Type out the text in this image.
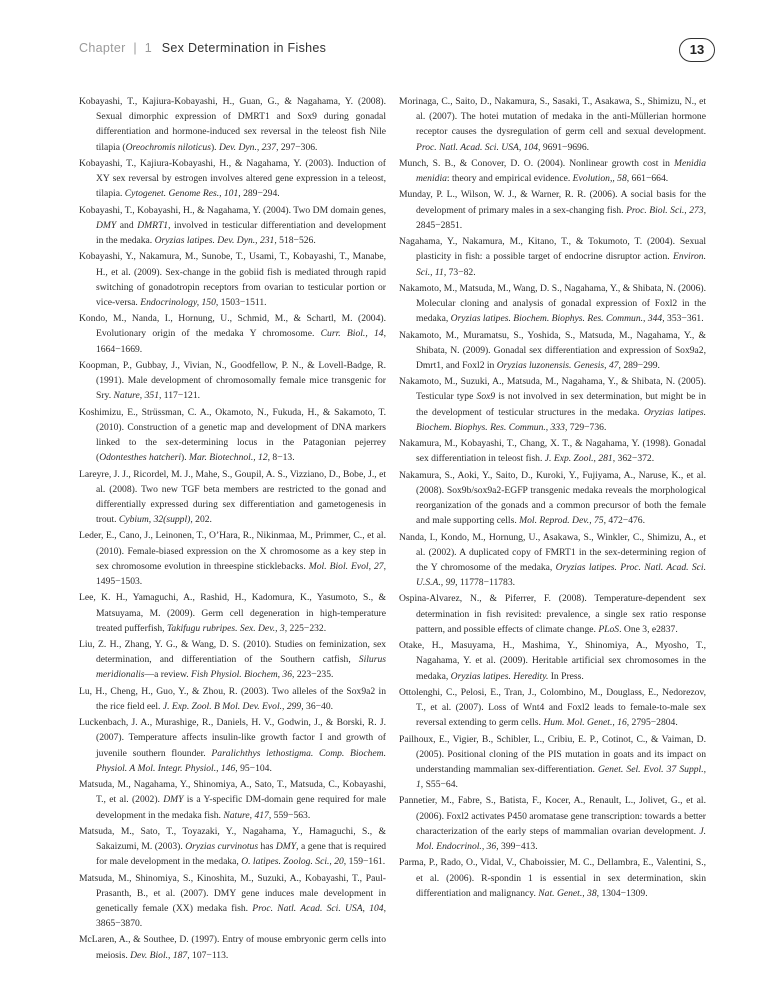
Chapter | 1 Sex Determination in Fishes	13

Kobayashi, T., Kajiura-Kobayashi, H., Guan, G., & Nagahama, Y. (2008). Sexual dimorphic expression of DMRT1 and Sox9 during gonadal differentiation and hormone-induced sex reversal in the teleost fish Nile tilapia (Oreochromis niloticus). Dev. Dyn., 237, 297−306.

Kobayashi, T., Kajiura-Kobayashi, H., & Nagahama, Y. (2003). Induction of XY sex reversal by estrogen involves altered gene expression in a teleost, tilapia. Cytogenet. Genome Res., 101, 289−294.

Kobayashi, T., Kobayashi, H., & Nagahama, Y. (2004). Two DM domain genes, DMY and DMRT1, involved in testicular differentiation and development in the medaka. Oryzias latipes. Dev. Dyn., 231, 518−526.

Kobayashi, Y., Nakamura, M., Sunobe, T., Usami, T., Kobayashi, T., Manabe, H., et al. (2009). Sex-change in the gobiid fish is mediated through rapid switching of gonadotropin receptors from ovarian to testicular portion or vice-versa. Endocrinology, 150, 1503−1511.

Kondo, M., Nanda, I., Hornung, U., Schmid, M., & Schartl, M. (2004). Evolutionary origin of the medaka Y chromosome. Curr. Biol., 14, 1664−1669.

Koopman, P., Gubbay, J., Vivian, N., Goodfellow, P. N., & Lovell-Badge, R. (1991). Male development of chromosomally female mice transgenic for Sry. Nature, 351, 117−121.

Koshimizu, E., Strüssman, C. A., Okamoto, N., Fukuda, H., & Sakamoto, T. (2010). Construction of a genetic map and development of DNA markers linked to the sex-determining locus in the Patagonian pejerrey (Odontesthes hatcheri). Mar. Biotechnol., 12, 8−13.

Lareyre, J. J., Ricordel, M. J., Mahe, S., Goupil, A. S., Vizziano, D., Bobe, J., et al. (2008). Two new TGF beta members are restricted to the gonad and differentially expressed during sex differentiation and gametogenesis in trout. Cybium, 32(suppl), 202.

Leder, E., Cano, J., Leinonen, T., O’Hara, R., Nikinmaa, M., Primmer, C., et al. (2010). Female-biased expression on the X chromosome as a key step in sex chromosome evolution in threespine sticklebacks. Mol. Biol. Evol, 27, 1495−1503.

Lee, K. H., Yamaguchi, A., Rashid, H., Kadomura, K., Yasumoto, S., & Matsuyama, M. (2009). Germ cell degeneration in high-temperature treated pufferfish, Takifugu rubripes. Sex. Dev., 3, 225−232.

Liu, Z. H., Zhang, Y. G., & Wang, D. S. (2010). Studies on feminization, sex determination, and differentiation of the Southern catfish, Silurus meridionalis—a review. Fish Physiol. Biochem, 36, 223−235.

Lu, H., Cheng, H., Guo, Y., & Zhou, R. (2003). Two alleles of the Sox9a2 in the rice field eel. J. Exp. Zool. B Mol. Dev. Evol., 299, 36−40.

Luckenbach, J. A., Murashige, R., Daniels, H. V., Godwin, J., & Borski, R. J. (2007). Temperature affects insulin-like growth factor I and growth of juvenile southern flounder. Paralichthys lethostigma. Comp. Biochem. Physiol. A Mol. Integr. Physiol., 146, 95−104.

Matsuda, M., Nagahama, Y., Shinomiya, A., Sato, T., Matsuda, C., Kobayashi, T., et al. (2002). DMY is a Y-specific DM-domain gene required for male development in the medaka fish. Nature, 417, 559−563.

Matsuda, M., Sato, T., Toyazaki, Y., Nagahama, Y., Hamaguchi, S., & Sakaizumi, M. (2003). Oryzias curvinotus has DMY, a gene that is required for male development in the medaka, O. latipes. Zoolog. Sci., 20, 159−161.

Matsuda, M., Shinomiya, S., Kinoshita, M., Suzuki, A., Kobayashi, T., Paul-Prasanth, B., et al. (2007). DMY gene induces male development in genetically female (XX) medaka fish. Proc. Natl. Acad. Sci. USA, 104, 3865−3870.

McLaren, A., & Southee, D. (1997). Entry of mouse embryonic germ cells into meiosis. Dev. Biol., 187, 107−113.

Morinaga, C., Saito, D., Nakamura, S., Sasaki, T., Asakawa, S., Shimizu, N., et al. (2007). The hotei mutation of medaka in the anti-Müllerian hormone receptor causes the dysregulation of germ cell and sexual development. Proc. Natl. Acad. Sci. USA, 104, 9691−9696.

Munch, S. B., & Conover, D. O. (2004). Nonlinear growth cost in Menidia menidia: theory and empirical evidence. Evolution,, 58, 661−664.

Munday, P. L., Wilson, W. J., & Warner, R. R. (2006). A social basis for the development of primary males in a sex-changing fish. Proc. Biol. Sci., 273, 2845−2851.

Nagahama, Y., Nakamura, M., Kitano, T., & Tokumoto, T. (2004). Sexual plasticity in fish: a possible target of endocrine disruptor action. Environ. Sci., 11, 73−82.

Nakamoto, M., Matsuda, M., Wang, D. S., Nagahama, Y., & Shibata, N. (2006). Molecular cloning and analysis of gonadal expression of Foxl2 in the medaka, Oryzias latipes. Biochem. Biophys. Res. Commun., 344, 353−361.

Nakamoto, M., Muramatsu, S., Yoshida, S., Matsuda, M., Nagahama, Y., & Shibata, N. (2009). Gonadal sex differentiation and expression of Sox9a2, Dmrt1, and Foxl2 in Oryzias luzonensis. Genesis, 47, 289−299.

Nakamoto, M., Suzuki, A., Matsuda, M., Nagahama, Y., & Shibata, N. (2005). Testicular type Sox9 is not involved in sex determination, but might be in the development of testicular structures in the medaka. Oryzias latipes. Biochem. Biophys. Res. Commun., 333, 729−736.

Nakamura, M., Kobayashi, T., Chang, X. T., & Nagahama, Y. (1998). Gonadal sex differentiation in teleost fish. J. Exp. Zool., 281, 362−372.

Nakamura, S., Aoki, Y., Saito, D., Kuroki, Y., Fujiyama, A., Naruse, K., et al. (2008). Sox9b/sox9a2-EGFP transgenic medaka reveals the morphological reorganization of the gonads and a common precursor of both the female and male supporting cells. Mol. Reprod. Dev., 75, 472−476.

Nanda, I., Kondo, M., Hornung, U., Asakawa, S., Winkler, C., Shimizu, A., et al. (2002). A duplicated copy of FMRT1 in the sex-determining region of the Y chromosome of the medaka, Oryzias latipes. Proc. Natl. Acad. Sci. U.S.A., 99, 11778−11783.

Ospina-Alvarez, N., & Piferrer, F. (2008). Temperature-dependent sex determination in fish revisited: prevalence, a single sex ratio response pattern, and possible effects of climate change. PLoS. One 3, e2837.

Otake, H., Masuyama, H., Mashima, Y., Shinomiya, A., Myosho, T., Nagahama, Y. et al. (2009). Heritable artificial sex chromosomes in the medaka, Oryzias latipes. Heredity. In Press.

Ottolenghi, C., Pelosi, E., Tran, J., Colombino, M., Douglass, E., Nedorezov, T., et al. (2007). Loss of Wnt4 and Foxl2 leads to female-to-male sex reversal extending to germ cells. Hum. Mol. Genet., 16, 2795−2804.

Pailhoux, E., Vigier, B., Schibler, L., Cribiu, E. P., Cotinot, C., & Vaiman, D. (2005). Positional cloning of the PIS mutation in goats and its impact on understanding mammalian sex-differentiation. Genet. Sel. Evol. 37 Suppl., 1, S55−64.

Pannetier, M., Fabre, S., Batista, F., Kocer, A., Renault, L., Jolivet, G., et al. (2006). Foxl2 activates P450 aromatase gene transcription: towards a better characterization of the early steps of mammalian ovarian development. J. Mol. Endocrinol., 36, 399−413.

Parma, P., Rado, O., Vidal, V., Chaboissier, M. C., Dellambra, E., Valentini, S., et al. (2006). R-spondin 1 is essential in sex determination, skin differentiation and malignancy. Nat. Genet., 38, 1304−1309.
